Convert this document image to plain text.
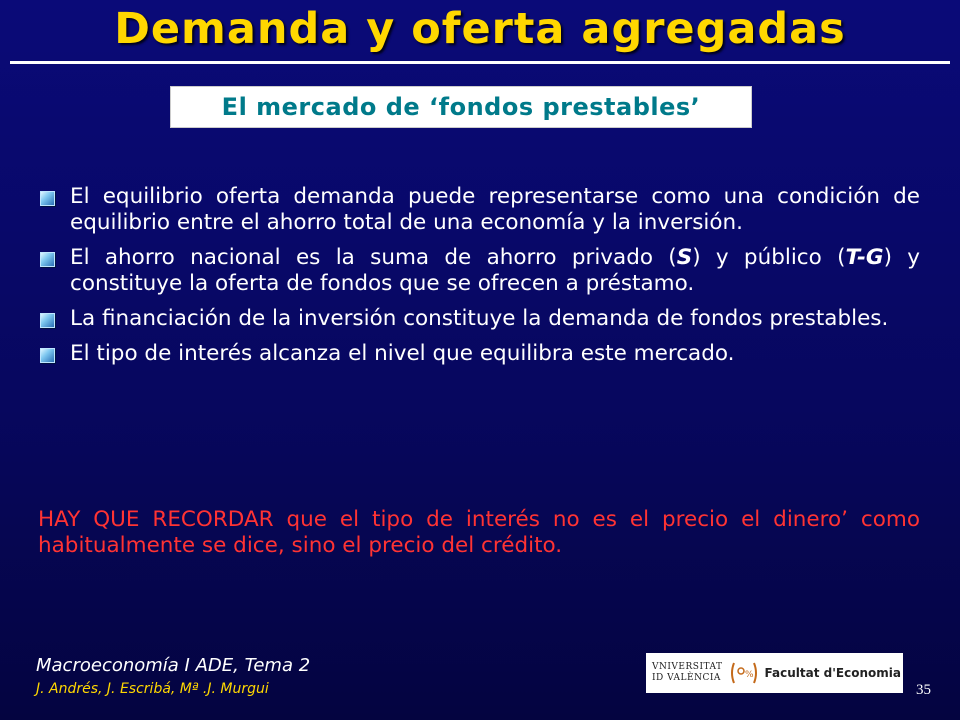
Demanda y oferta agregadas
El mercado de ‘fondos prestables’
El equilibrio oferta demanda puede representarse como una condición de equilibrio entre el ahorro total de una economía y la inversión.
El ahorro nacional es la suma de ahorro privado (S) y público (T-G) y constituye la oferta de fondos que se ofrecen a préstamo.
La financiación de la inversión constituye la demanda de fondos prestables.
El tipo de interés alcanza el nivel que equilibra este mercado.
HAY QUE RECORDAR que el tipo de interés no es el precio el dinero’ como habitualmente se dice, sino el precio del crédito.
Macroeconomía I ADE, Tema 2
J. Andrés, J. Escribá, Mª .J. Murgui
VNIVERSITAT
ID VALÈNCIA	% Facultat d'Economia
35
